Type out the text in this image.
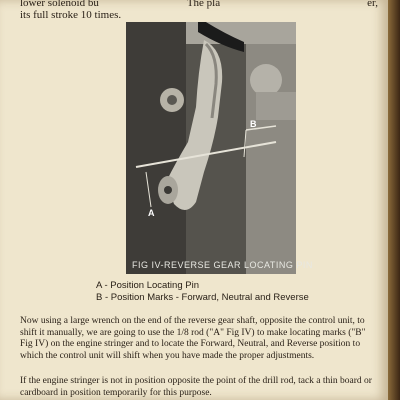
lower solenoid bu	The pla
its full stroke 10 times.
er,
B
A
FIG IV-REVERSE GEAR LOCATING PIN
A - Position Locating Pin
B - Position Marks - Forward, Neutral and Reverse
Now using a large wrench on the end of the reverse gear shaft, opposite the control unit, to shift it manually, we are going to use the 1/8 rod ("A" Fig IV) to make locating marks ("B" Fig IV) on the engine stringer and to locate the Forward, Neutral, and Reverse position to which the control unit will shift when you have made the proper adjustments.
If the engine stringer is not in position opposite the point of the drill rod, tack a thin board or cardboard in position temporarily for this purpose.
